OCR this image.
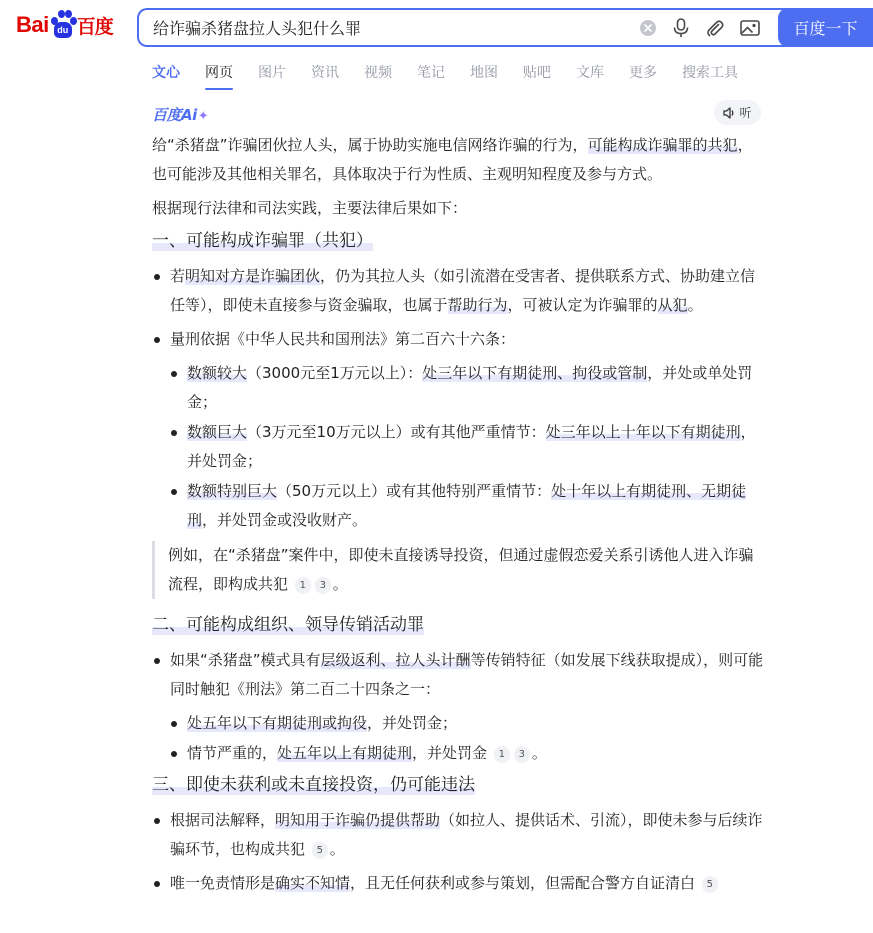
Bai du 百度
给诈骗杀猪盘拉人头犯什么罪	百度一下
文心 网页 图片 资讯 视频 笔记 地图 贴吧 文库 更多 搜索工具
百度Ai✦	听
给“杀猪盘”诈骗团伙拉人头，属于协助实施电信网络诈骗的行为，可能构成诈骗罪的共犯，也可能涉及其他相关罪名，具体取决于行为性质、主观明知程度及参与方式。
根据现行法律和司法实践，主要法律后果如下：
一、可能构成诈骗罪（共犯）
若明知对方是诈骗团伙，仍为其拉人头（如引流潜在受害者、提供联系方式、协助建立信任等），即使未直接参与资金骗取，也属于帮助行为，可被认定为诈骗罪的从犯。
量刑依据《中华人民共和国刑法》第二百六十六条：
数额较大（3000元至1万元以上）：处三年以下有期徒刑、拘役或管制，并处或单处罚金；
数额巨大（3万元至10万元以上）或有其他严重情节：处三年以上十年以下有期徒刑，并处罚金；
数额特别巨大（50万元以上）或有其他特别严重情节：处十年以上有期徒刑、无期徒刑，并处罚金或没收财产。
例如，在“杀猪盘”案件中，即使未直接诱导投资，但通过虚假恋爱关系引诱他人进入诈骗流程，即构成共犯 1 3 。
二、可能构成组织、领导传销活动罪
如果“杀猪盘”模式具有层级返利、拉人头计酬等传销特征（如发展下线获取提成），则可能同时触犯《刑法》第二百二十四条之一：
处五年以下有期徒刑或拘役，并处罚金；
情节严重的，处五年以上有期徒刑，并处罚金 1 3 。
三、即使未获利或未直接投资，仍可能违法
根据司法解释，明知用于诈骗仍提供帮助（如拉人、提供话术、引流），即使未参与后续诈骗环节，也构成共犯 5 。
唯一免责情形是确实不知情，且无任何获利或参与策划，但需配合警方自证清白 5
